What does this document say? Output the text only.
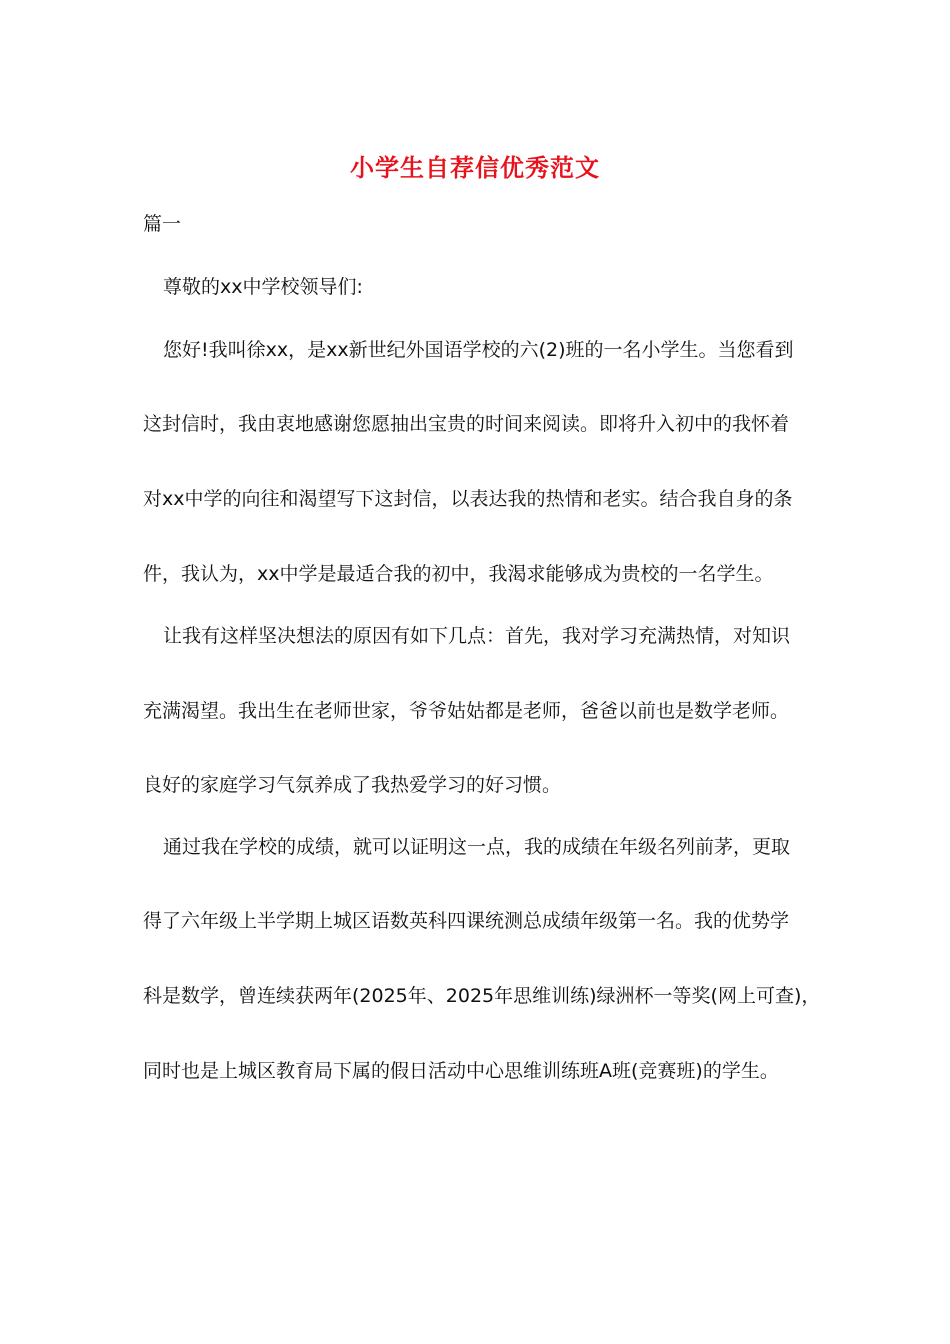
小学生自荐信优秀范文
篇一
尊敬的xx中学校领导们:
您好!我叫徐xx，是xx新世纪外国语学校的六(2)班的一名小学生。当您看到
这封信时，我由衷地感谢您愿抽出宝贵的时间来阅读。即将升入初中的我怀着
对xx中学的向往和渴望写下这封信，以表达我的热情和老实。结合我自身的条
件，我认为，xx中学是最适合我的初中，我渴求能够成为贵校的一名学生。
让我有这样坚决想法的原因有如下几点：首先，我对学习充满热情，对知识
充满渴望。我出生在老师世家，爷爷姑姑都是老师，爸爸以前也是数学老师。
良好的家庭学习气氛养成了我热爱学习的好习惯。
通过我在学校的成绩，就可以证明这一点，我的成绩在年级名列前茅，更取
得了六年级上半学期上城区语数英科四课统测总成绩年级第一名。我的优势学
科是数学，曾连续获两年(2025年、2025年思维训练)绿洲杯一等奖(网上可查)，
同时也是上城区教育局下属的假日活动中心思维训练班A班(竞赛班)的学生。
